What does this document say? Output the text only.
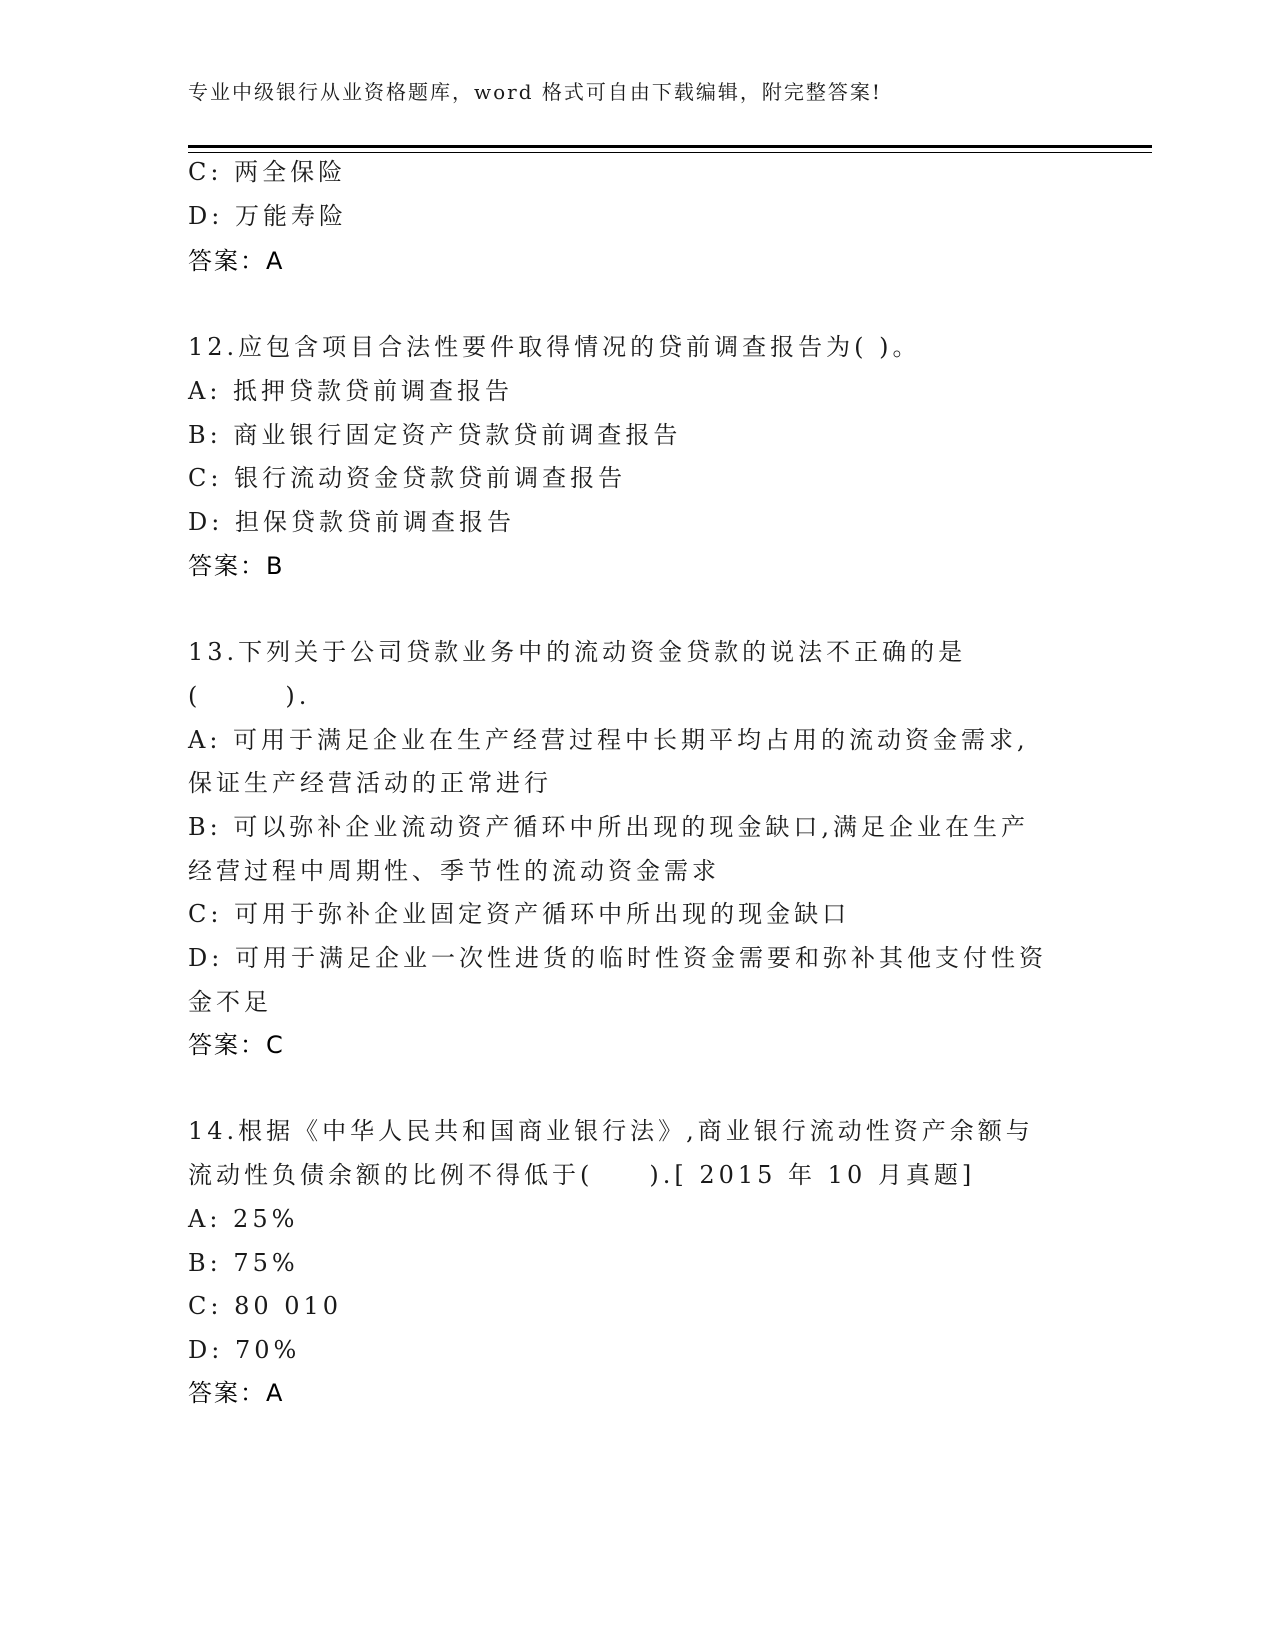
专业中级银行从业资格题库，word 格式可自由下载编辑，附完整答案!
C: 两全保险
D: 万能寿险
答案：A
12.应包含项目合法性要件取得情况的贷前调查报告为( )。
A: 抵押贷款贷前调查报告
B: 商业银行固定资产贷款贷前调查报告
C: 银行流动资金贷款贷前调查报告
D: 担保贷款贷前调查报告
答案：B
13.下列关于公司贷款业务中的流动资金贷款的说法不正确的是
(　　　).
A: 可用于满足企业在生产经营过程中长期平均占用的流动资金需求,
保证生产经营活动的正常进行
B: 可以弥补企业流动资产循环中所出现的现金缺口,满足企业在生产
经营过程中周期性、季节性的流动资金需求
C: 可用于弥补企业固定资产循环中所出现的现金缺口
D: 可用于满足企业一次性进货的临时性资金需要和弥补其他支付性资
金不足
答案：C
14.根据《中华人民共和国商业银行法》,商业银行流动性资产余额与
流动性负债余额的比例不得低于(　　).[ 2015 年 10 月真题]
A: 25%
B: 75%
C: 80 010
D: 70%
答案：A
